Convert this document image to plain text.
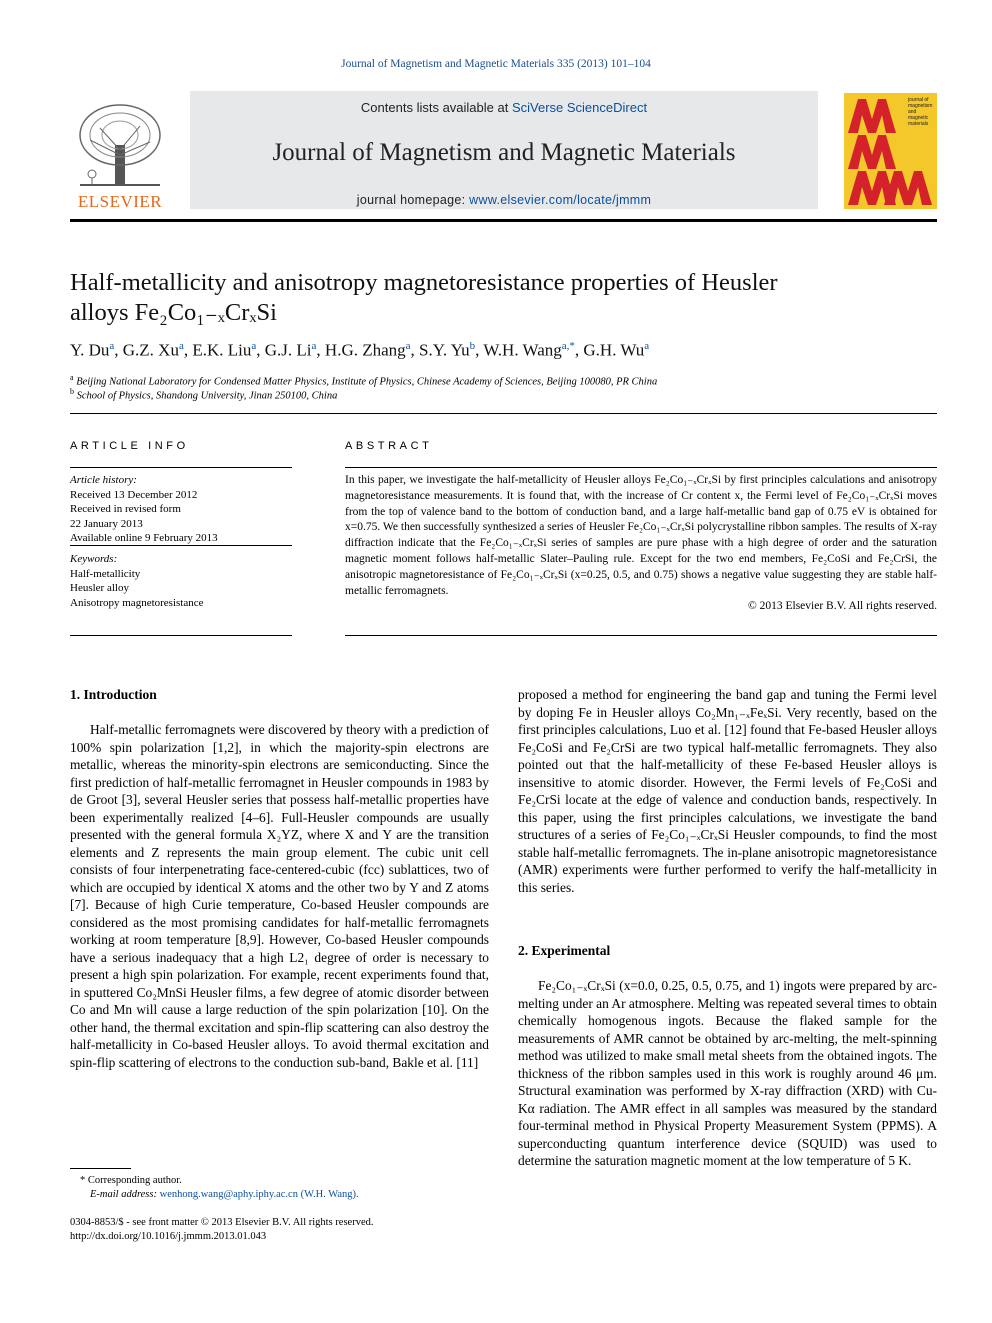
Journal of Magnetism and Magnetic Materials 335 (2013) 101–104
ELSEVIER
Contents lists available at SciVerse ScienceDirect
Journal of Magnetism and Magnetic Materials
journal homepage: www.elsevier.com/locate/jmmm
journal of magnetism and magnetic materials
Half-metallicity and anisotropy magnetoresistance properties of Heusler
alloys Fe₂Co₁₋ₓCrₓSi
Y. Du$^a$, G.Z. Xu$^a$, E.K. Liu$^a$, G.J. Li$^a$, H.G. Zhang$^a$, S.Y. Yu$^b$, W.H. Wang$^{a,*}$, G.H. Wu$^a$
$^a$ Beijing National Laboratory for Condensed Matter Physics, Institute of Physics, Chinese Academy of Sciences, Beijing 100080, PR China
$^b$ School of Physics, Shandong University, Jinan 250100, China
ARTICLE INFO
Article history:
Received 13 December 2012
Received in revised form
22 January 2013
Available online 9 February 2013
Keywords:
Half-metallicity
Heusler alloy
Anisotropy magnetoresistance
ABSTRACT

In this paper, we investigate the half-metallicity of Heusler alloys Fe₂Co₁₋ₓCrₓSi by first principles calculations and anisotropy magnetoresistance measurements. It is found that, with the increase of Cr content x, the Fermi level of Fe₂Co₁₋ₓCrₓSi moves from the top of valence band to the bottom of conduction band, and a large half-metallic band gap of 0.75 eV is obtained for x=0.75. We then successfully synthesized a series of Heusler Fe₂Co₁₋ₓCrₓSi polycrystalline ribbon samples. The results of X-ray diffraction indicate that the Fe₂Co₁₋ₓCrₓSi series of samples are pure phase with a high degree of order and the saturation magnetic moment follows half-metallic Slater–Pauling rule. Except for the two end members, Fe₂CoSi and Fe₂CrSi, the anisotropic magnetoresistance of Fe₂Co₁₋ₓCrₓSi (x=0.25, 0.5, and 0.75) shows a negative value suggesting they are stable half-metallic ferromagnets.

© 2013 Elsevier B.V. All rights reserved.

1. Introduction

Half-metallic ferromagnets were discovered by theory with a prediction of 100% spin polarization [1,2], in which the majority-spin electrons are metallic, whereas the minority-spin electrons are semiconducting. Since the first prediction of half-metallic ferromagnet in Heusler compounds in 1983 by de Groot [3], several Heusler series that possess half-metallic properties have been experimentally realized [4–6]. Full-Heusler compounds are usually presented with the general formula X₂YZ, where X and Y are the transition elements and Z represents the main group element. The cubic unit cell consists of four interpenetrating face-centered-cubic (fcc) sublattices, two of which are occupied by identical X atoms and the other two by Y and Z atoms [7]. Because of high Curie temperature, Co-based Heusler compounds are considered as the most promising candidates for half-metallic ferromagnets working at room temperature [8,9]. However, Co-based Heusler compounds have a serious inadequacy that a high L2₁ degree of order is necessary to present a high spin polarization. For example, recent experiments found that, in sputtered Co₂MnSi Heusler films, a few degree of atomic disorder between Co and Mn will cause a large reduction of the spin polarization [10]. On the other hand, the thermal excitation and spin-flip scattering can also destroy the half-metallicity in Co-based Heusler alloys. To avoid thermal excitation and spin-flip scattering of electrons to the conduction sub-band, Bakle et al. [11]

* Corresponding author.
E-mail address: wenhong.wang@aphy.iphy.ac.cn (W.H. Wang).
0304-8853/$ - see front matter © 2013 Elsevier B.V. All rights reserved.
http://dx.doi.org/10.1016/j.jmmm.2013.01.043

proposed a method for engineering the band gap and tuning the Fermi level by doping Fe in Heusler alloys Co₂Mn₁₋ₓFeₓSi. Very recently, based on the first principles calculations, Luo et al. [12] found that Fe-based Heusler alloys Fe₂CoSi and Fe₂CrSi are two typical half-metallic ferromagnets. They also pointed out that the half-metallicity of these Fe-based Heusler alloys is insensitive to atomic disorder. However, the Fermi levels of Fe₂CoSi and Fe₂CrSi locate at the edge of valence and conduction bands, respectively. In this paper, using the first principles calculations, we investigate the band structures of a series of Fe₂Co₁₋ₓCrₓSi Heusler compounds, to find the most stable half-metallic ferromagnets. The in-plane anisotropic magnetoresistance (AMR) experiments were further performed to verify the half-metallicity in this series.

2. Experimental

Fe₂Co₁₋ₓCrₓSi (x=0.0, 0.25, 0.5, 0.75, and 1) ingots were prepared by arc-melting under an Ar atmosphere. Melting was repeated several times to obtain chemically homogenous ingots. Because the flaked sample for the measurements of AMR cannot be obtained by arc-melting, the melt-spinning method was utilized to make small metal sheets from the obtained ingots. The thickness of the ribbon samples used in this work is roughly around 46 μm. Structural examination was performed by X-ray diffraction (XRD) with Cu-Kα radiation. The AMR effect in all samples was measured by the standard four-terminal method in Physical Property Measurement System (PPMS). A superconducting quantum interference device (SQUID) was used to determine the saturation magnetic moment at the low temperature of 5 K.
